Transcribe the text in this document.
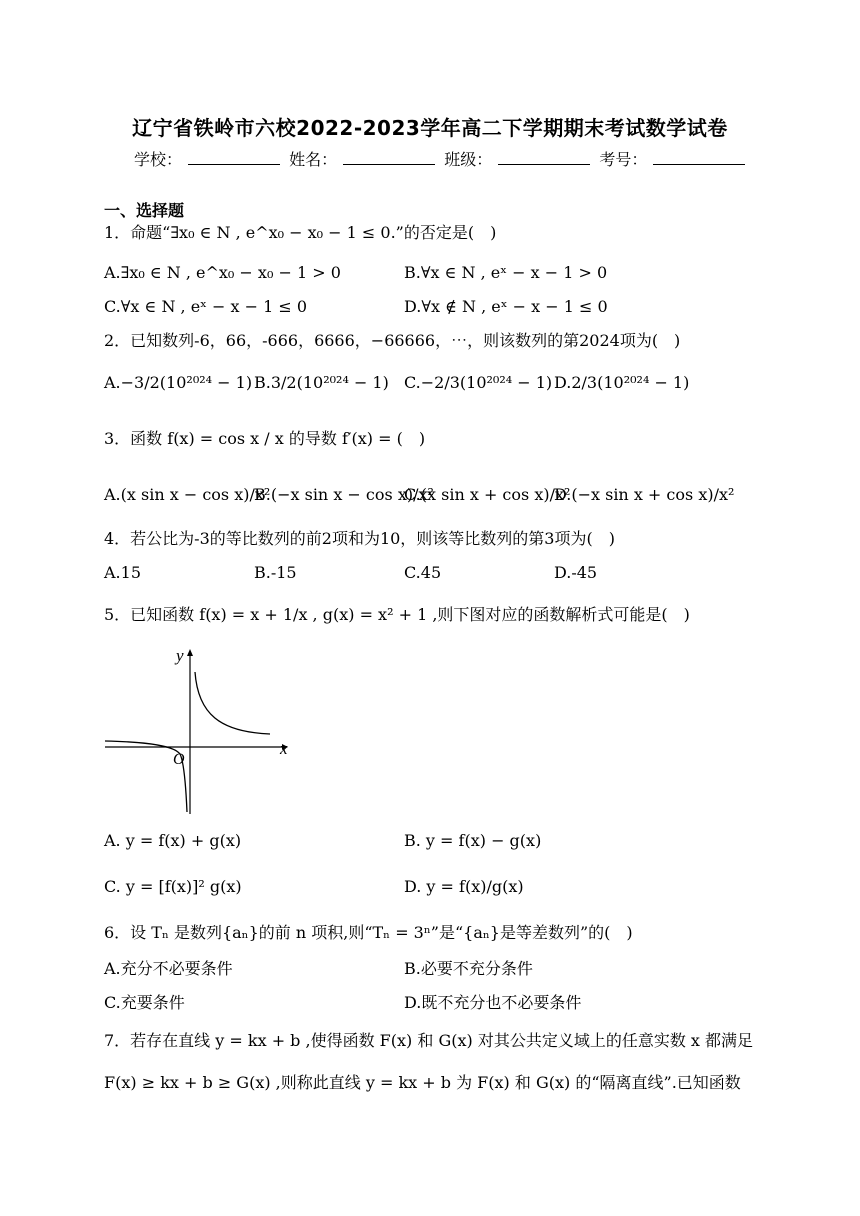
辽宁省铁岭市六校2022-2023学年高二下学期期末考试数学试卷
学校：	姓名：	班级：	考号：
一、选择题
1．命题“∃x₀ ∈ N , e^x₀ − x₀ − 1 ≤ 0.”的否定是(　)
A.∃x₀ ∈ N , e^x₀ − x₀ − 1 > 0	B.∀x ∈ N , eˣ − x − 1 > 0
C.∀x ∈ N , eˣ − x − 1 ≤ 0	D.∀x ∉ N , eˣ − x − 1 ≤ 0
2．已知数列-6，66，-666，6666，−66666，⋯，则该数列的第2024项为(　)
A.−3/2(10²⁰²⁴ − 1) B.3/2(10²⁰²⁴ − 1) C.−2/3(10²⁰²⁴ − 1) D.2/3(10²⁰²⁴ − 1)
3．函数 f(x) = cos x / x 的导数 f′(x) = (　)
A.(x sin x − cos x)/x²
B.(−x sin x − cos x)/x²
C.(x sin x + cos x)/x²
D.(−x sin x + cos x)/x²
4．若公比为-3的等比数列的前2项和为10，则该等比数列的第3项为(　)
A.15	B.-15	C.45	D.-45
5．已知函数 f(x) = x + 1/x , g(x) = x² + 1 ,则下图对应的函数解析式可能是(　)
y
x
O
A. y = f(x) + g(x)	B. y = f(x) − g(x)
C. y = [f(x)]² g(x)	D. y = f(x)/g(x)
6．设 Tₙ 是数列{aₙ}的前 n 项积,则“Tₙ = 3ⁿ”是“{aₙ}是等差数列”的(　)
A.充分不必要条件	B.必要不充分条件
C.充要条件	D.既不充分也不必要条件
7．若存在直线 y = kx + b ,使得函数 F(x) 和 G(x) 对其公共定义域上的任意实数 x 都满足
F(x) ≥ kx + b ≥ G(x) ,则称此直线 y = kx + b 为 F(x) 和 G(x) 的“隔离直线”.已知函数
